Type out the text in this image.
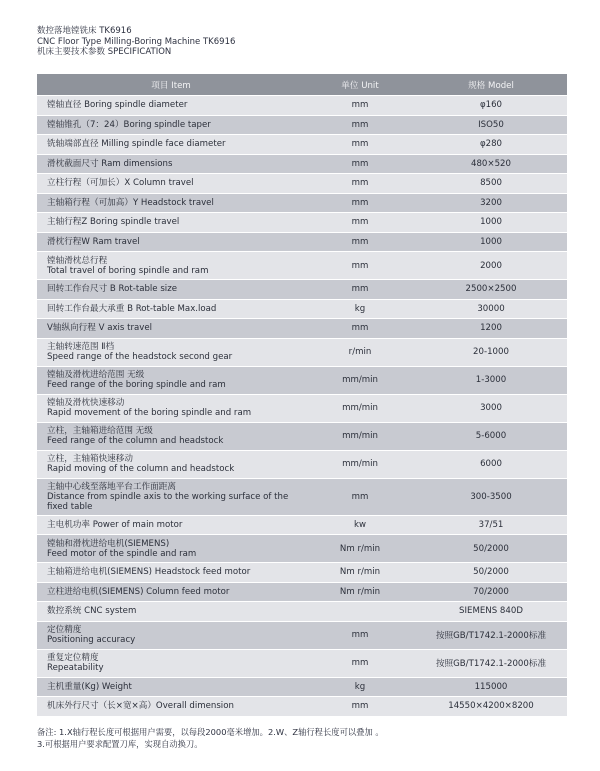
数控落地镗铣床 TK6916
CNC Floor Type Milling-Boring Machine TK6916
机床主要技术参数 SPECIFICATION
项目 Item	单位 Unit	规格 Model

镗轴直径 Boring spindle diameter	mm	φ160

镗轴锥孔（7：24）Boring spindle taper	mm	ISO50

铣轴端部直径 Milling spindle face diameter	mm	φ280

滑枕截面尺寸 Ram dimensions	mm	480×520

立柱行程（可加长）X Column travel	mm	8500

主轴箱行程（可加高）Y Headstock travel	mm	3200

主轴行程Z Boring spindle travel	mm	1000

滑枕行程W Ram travel	mm	1000

镗轴滑枕总行程
Total travel of boring spindle and ram	mm	2000

回转工作台尺寸 B Rot-table size	mm	2500×2500

回转工作台最大承重 B Rot-table Max.load	kg	30000

V轴纵向行程 V axis travel	mm	1200

主轴转速范围 Ⅱ档
Speed range of the headstock second gear	r/min	20-1000

镗轴及滑枕进给范围 无级
Feed range of the boring spindle and ram	mm/min	1-3000

镗轴及滑枕快速移动
Rapid movement of the boring spindle and ram	mm/min	3000

立柱，主轴箱进给范围 无级
Feed range of the column and headstock	mm/min	5-6000

立柱，主轴箱快速移动
Rapid moving of the column and headstock	mm/min	6000

主轴中心线至落地平台工作面距离
Distance from spindle axis to the working surface of the
fixed table	mm	300-3500

主电机功率 Power of main motor	kw	37/51

镗轴和滑枕进给电机(SIEMENS)
Feed motor of the spindle and ram	Nm r/min	50/2000

主轴箱进给电机(SIEMENS) Headstock feed motor	Nm r/min	50/2000

立柱进给电机(SIEMENS) Column feed motor	Nm r/min	70/2000

数控系统 CNC system		SIEMENS 840D

定位精度
Positioning accuracy	mm	按照GB/T1742.1-2000标准

重复定位精度
Repeatability	mm	按照GB/T1742.1-2000标准

主机重量(Kg) Weight	kg	115000

机床外行尺寸（长×宽×高）Overall dimension	mm	14550×4200×8200
备注: 1.X轴行程长度可根据用户需要，以每段2000毫米增加。2.W、Z轴行程长度可以叠加 。
3.可根据用户要求配置刀库，实现自动换刀。
